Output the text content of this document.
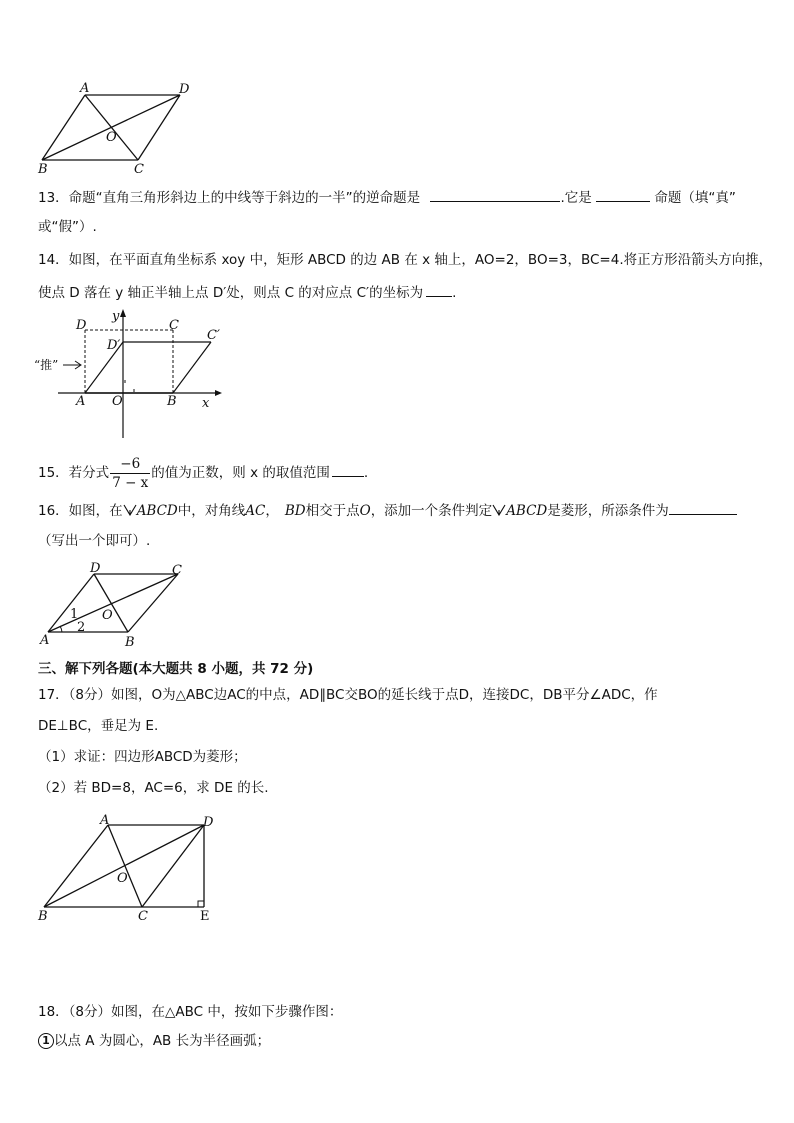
A	D
O
B	C
13．命题“直角三角形斜边上的中线等于斜边的一半”的逆命题是	.它是	命题（填“真”
或“假”）.
14．如图，在平面直角坐标系 xoy 中，矩形 ABCD 的边 AB 在 x 轴上，AO=2，BO=3，BC=4.将正方形沿箭头方向推，
使点 D 落在 y 轴正半轴上点 D′处，则点 C 的对应点 C′的坐标为 .
D	C
C′
D′
y
“推”
A O	B x
15．若分式 $\frac{-6}{7 - x}$ 的值为正数，则 x 的取值范围	.
16．如图，在 ABCD中，对角线AC， BD相交于点O，添加一个条件判定 ABCD是菱形，所添条件为
（写出一个即可）.
D	C
O
1
2
A	B
三、解下列各题(本大题共 8 小题，共 72 分)
17．（8分）如图，O为△ABC边AC的中点，AD∥BC交BO的延长线于点D，连接DC，DB平分∠ADC，作
DE⊥BC，垂足为 E.
（1）求证：四边形ABCD为菱形；
（2）若 BD=8，AC=6，求 DE 的长.
A	D
O
B	C	E
18．（8分）如图，在△ABC 中，按如下步骤作图：
1 以点 A 为圆心，AB 长为半径画弧；
